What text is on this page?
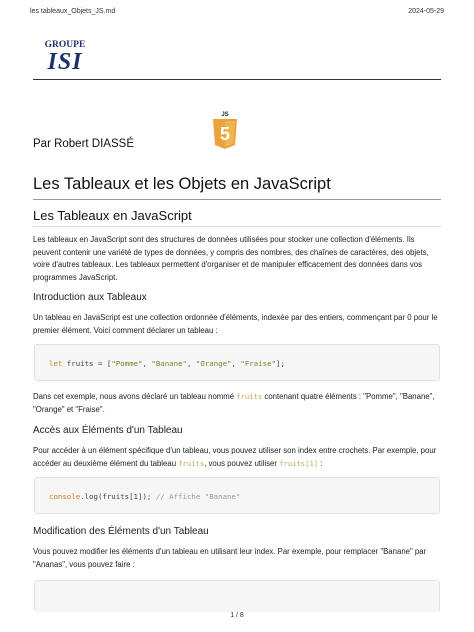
les tableaux_Objets_JS.md	2024-05-29
GROUPE
ISI
Par Robert DIASSÉ
JS
5
Les Tableaux et les Objets en JavaScript
Les Tableaux en JavaScript

Les tableaux en JavaScript sont des structures de données utilisées pour stocker une collection d'éléments. Ils peuvent contenir une variété de types de données, y compris des nombres, des chaînes de caractères, des objets, voire d'autres tableaux. Les tableaux permettent d'organiser et de manipuler efficacement des données dans vos programmes JavaScript.

Introduction aux Tableaux

Un tableau en JavaScript est une collection ordonnée d'éléments, indexée par des entiers, commençant par 0 pour le premier élément. Voici comment déclarer un tableau :

let fruits = ["Pomme", "Banane", "Orange", "Fraise"];

Dans cet exemple, nous avons déclaré un tableau nommé fruits contenant quatre éléments : "Pomme", "Banane", "Orange" et "Fraise".

Accès aux Éléments d'un Tableau

Pour accéder à un élément spécifique d'un tableau, vous pouvez utiliser son index entre crochets. Par exemple, pour accéder au deuxième élément du tableau fruits, vous pouvez utiliser fruits[1] :

console.log(fruits[1]); // Affiche "Banane"
Modification des Éléments d'un Tableau

Vous pouvez modifier les éléments d'un tableau en utilisant leur index. Par exemple, pour remplacer "Banane" par "Ananas", vous pouvez faire :

1 / 8
